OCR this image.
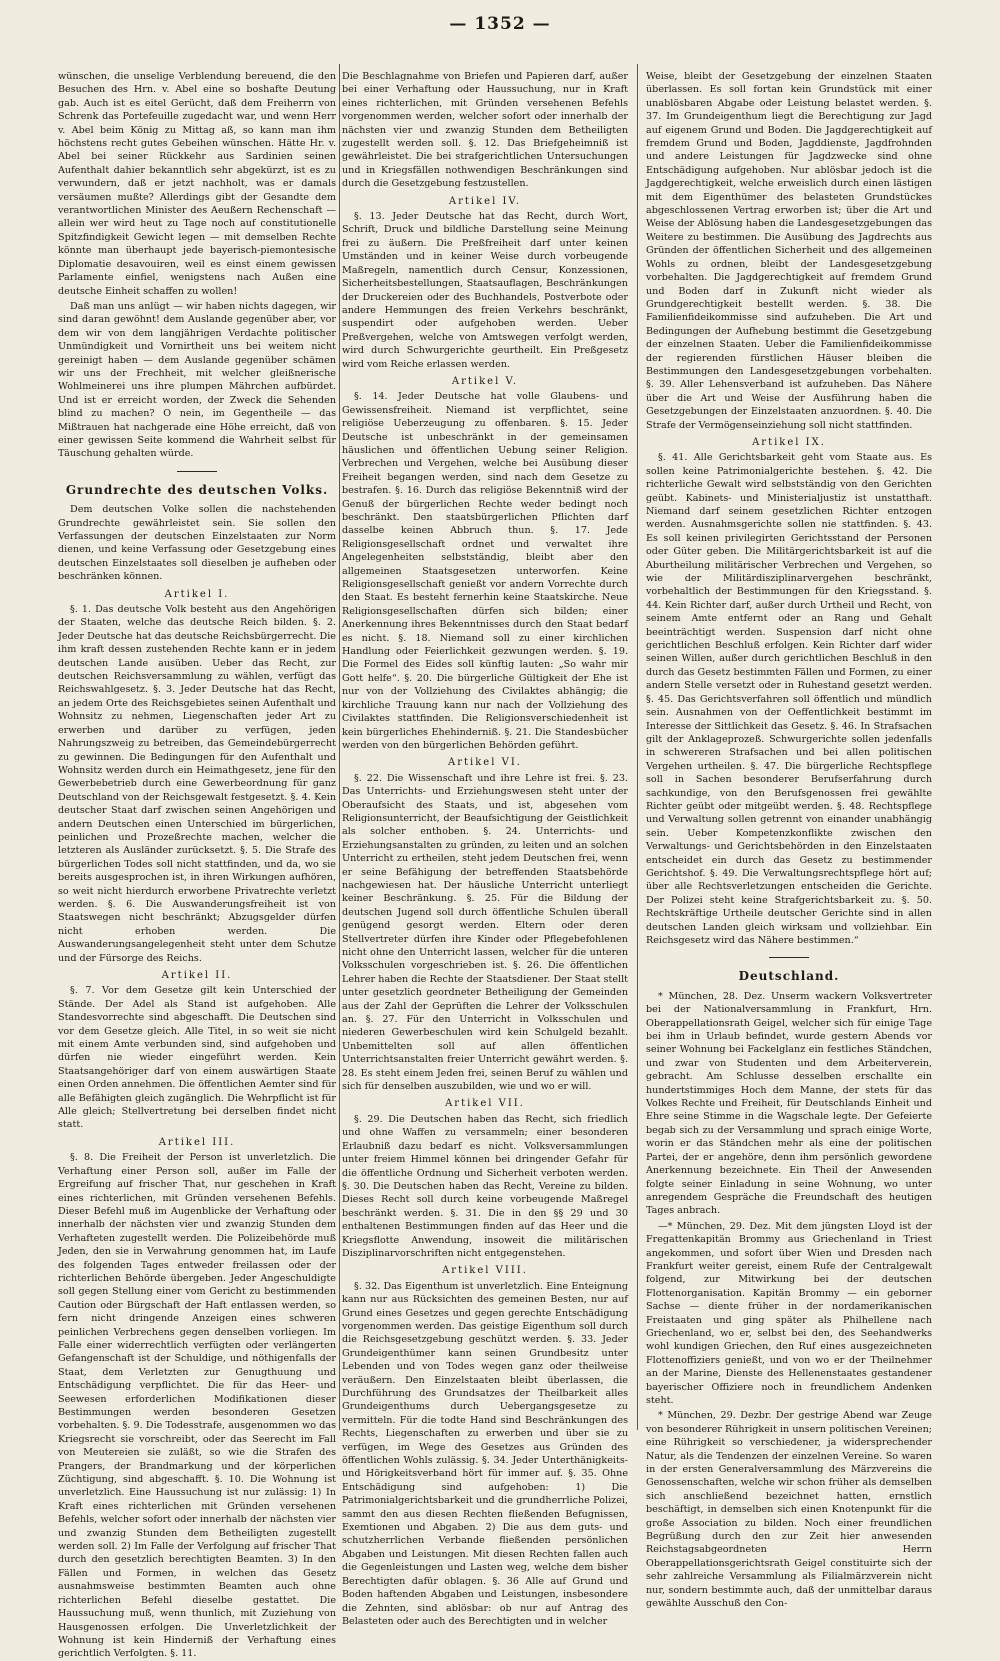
— 1352 —

wünschen, die unselige Verblendung bereuend, die den Besuchen des Hrn. v. Abel eine so boshafte Deutung gab. Auch ist es eitel Gerücht, daß dem Freiherrn von Schrenk das Portefeuille zugedacht war, und wenn Herr v. Abel beim König zu Mittag aß, so kann man ihm höchstens recht gutes Gebeihen wünschen. Hätte Hr. v. Abel bei seiner Rückkehr aus Sardinien seinen Aufenthalt dahier bekanntlich sehr abgekürzt, ist es zu verwundern, daß er jetzt nachholt, was er damals versäumen mußte? Allerdings gibt der Gesandte dem verantwortlichen Minister des Aeußern Rechenschaft — allein wer wird heut zu Tage noch auf constitutionelle Spitzfindigkeit Gewicht legen — mit demselben Rechte könnte man überhaupt jede bayerisch-piemontesische Diplomatie desavouiren, weil es einst einem gewissen Parlamente einfiel, wenigstens nach Außen eine deutsche Einheit schaffen zu wollen!

Daß man uns anlügt — wir haben nichts dagegen, wir sind daran gewöhnt! dem Auslande gegenüber aber, vor dem wir von dem langjährigen Verdachte politischer Unmündigkeit und Vornirtheit uns bei weitem nicht gereinigt haben — dem Auslande gegenüber schämen wir uns der Frechheit, mit welcher gleißnerische Wohlmeinerei uns ihre plumpen Mährchen aufbürdet. Und ist er erreicht worden, der Zweck die Sehenden blind zu machen? O nein, im Gegentheile — das Mißtrauen hat nachgerade eine Höhe erreicht, daß von einer gewissen Seite kommend die Wahrheit selbst für Täuschung gehalten würde.

Grundrechte des deutschen Volks.

Dem deutschen Volke sollen die nachstehenden Grundrechte gewährleistet sein. Sie sollen den Verfassungen der deutschen Einzelstaaten zur Norm dienen, und keine Verfassung oder Gesetzgebung eines deutschen Einzelstaates soll dieselben je aufheben oder beschränken können.

Artikel I.

§. 1. Das deutsche Volk besteht aus den Angehörigen der Staaten, welche das deutsche Reich bilden. §. 2. Jeder Deutsche hat das deutsche Reichsbürgerrecht. Die ihm kraft dessen zustehenden Rechte kann er in jedem deutschen Lande ausüben. Ueber das Recht, zur deutschen Reichsversammlung zu wählen, verfügt das Reichswahlgesetz. §. 3. Jeder Deutsche hat das Recht, an jedem Orte des Reichsgebietes seinen Aufenthalt und Wohnsitz zu nehmen, Liegenschaften jeder Art zu erwerben und darüber zu verfügen, jeden Nahrungszweig zu betreiben, das Gemeindebürgerrecht zu gewinnen. Die Bedingungen für den Aufenthalt und Wohnsitz werden durch ein Heimathgesetz, jene für den Gewerbebetrieb durch eine Gewerbeordnung für ganz Deutschland von der Reichsgewalt festgesetzt. §. 4. Kein deutscher Staat darf zwischen seinen Angehörigen und andern Deutschen einen Unterschied im bürgerlichen, peinlichen und Prozeßrechte machen, welcher die letzteren als Ausländer zurücksetzt. §. 5. Die Strafe des bürgerlichen Todes soll nicht stattfinden, und da, wo sie bereits ausgesprochen ist, in ihren Wirkungen aufhören, so weit nicht hierdurch erworbene Privatrechte verletzt werden. §. 6. Die Auswanderungsfreiheit ist von Staatswegen nicht beschränkt; Abzugsgelder dürfen nicht erhoben werden. Die Auswanderungsangelegenheit steht unter dem Schutze und der Fürsorge des Reichs.

Artikel II.

§. 7. Vor dem Gesetze gilt kein Unterschied der Stände. Der Adel als Stand ist aufgehoben. Alle Standesvorrechte sind abgeschafft. Die Deutschen sind vor dem Gesetze gleich. Alle Titel, in so weit sie nicht mit einem Amte verbunden sind, sind aufgehoben und dürfen nie wieder eingeführt werden. Kein Staatsangehöriger darf von einem auswärtigen Staate einen Orden annehmen. Die öffentlichen Aemter sind für alle Befähigten gleich zugänglich. Die Wehrpflicht ist für Alle gleich; Stellvertretung bei derselben findet nicht statt.

Artikel III.

§. 8. Die Freiheit der Person ist unverletzlich. Die Verhaftung einer Person soll, außer im Falle der Ergreifung auf frischer That, nur geschehen in Kraft eines richterlichen, mit Gründen versehenen Befehls. Dieser Befehl muß im Augenblicke der Verhaftung oder innerhalb der nächsten vier und zwanzig Stunden dem Verhafteten zugestellt werden. Die Polizeibehörde muß Jeden, den sie in Verwahrung genommen hat, im Laufe des folgenden Tages entweder freilassen oder der richterlichen Behörde übergeben. Jeder Angeschuldigte soll gegen Stellung einer vom Gericht zu bestimmenden Caution oder Bürgschaft der Haft entlassen werden, so fern nicht dringende Anzeigen eines schweren peinlichen Verbrechens gegen denselben vorliegen. Im Falle einer widerrechtlich verfügten oder verlängerten Gefangenschaft ist der Schuldige, und nöthigenfalls der Staat, dem Verletzten zur Genugthuung und Entschädigung verpflichtet. Die für das Heer- und Seewesen erforderlichen Modifikationen dieser Bestimmungen werden besonderen Gesetzen vorbehalten. §. 9. Die Todesstrafe, ausgenommen wo das Kriegsrecht sie vorschreibt, oder das Seerecht im Fall von Meutereien sie zuläßt, so wie die Strafen des Prangers, der Brandmarkung und der körperlichen Züchtigung, sind abgeschafft. §. 10. Die Wohnung ist unverletzlich. Eine Haussuchung ist nur zulässig: 1) In Kraft eines richterlichen mit Gründen versehenen Befehls, welcher sofort oder innerhalb der nächsten vier und zwanzig Stunden dem Betheiligten zugestellt werden soll. 2) Im Falle der Verfolgung auf frischer That durch den gesetzlich berechtigten Beamten. 3) In den Fällen und Formen, in welchen das Gesetz ausnahmsweise bestimmten Beamten auch ohne richterlichen Befehl dieselbe gestattet. Die Haussuchung muß, wenn thunlich, mit Zuziehung von Hausgenossen erfolgen. Die Unverletzlichkeit der Wohnung ist kein Hinderniß der Verhaftung eines gerichtlich Verfolgten. §. 11.

Die Beschlagnahme von Briefen und Papieren darf, außer bei einer Verhaftung oder Haussuchung, nur in Kraft eines richterlichen, mit Gründen versehenen Befehls vorgenommen werden, welcher sofort oder innerhalb der nächsten vier und zwanzig Stunden dem Betheiligten zugestellt werden soll. §. 12. Das Briefgeheimniß ist gewährleistet. Die bei strafgerichtlichen Untersuchungen und in Kriegsfällen nothwendigen Beschränkungen sind durch die Gesetzgebung festzustellen.

Artikel IV.

§. 13. Jeder Deutsche hat das Recht, durch Wort, Schrift, Druck und bildliche Darstellung seine Meinung frei zu äußern. Die Preßfreiheit darf unter keinen Umständen und in keiner Weise durch vorbeugende Maßregeln, namentlich durch Censur, Konzessionen, Sicherheitsbestellungen, Staatsauflagen, Beschränkungen der Druckereien oder des Buchhandels, Postverbote oder andere Hemmungen des freien Verkehrs beschränkt, suspendirt oder aufgehoben werden. Ueber Preßvergehen, welche von Amtswegen verfolgt werden, wird durch Schwurgerichte geurtheilt. Ein Preßgesetz wird vom Reiche erlassen werden.

Artikel V.

§. 14. Jeder Deutsche hat volle Glaubens- und Gewissensfreiheit. Niemand ist verpflichtet, seine religiöse Ueberzeugung zu offenbaren. §. 15. Jeder Deutsche ist unbeschränkt in der gemeinsamen häuslichen und öffentlichen Uebung seiner Religion. Verbrechen und Vergehen, welche bei Ausübung dieser Freiheit begangen werden, sind nach dem Gesetze zu bestrafen. §. 16. Durch das religiöse Bekenntniß wird der Genuß der bürgerlichen Rechte weder bedingt noch beschränkt. Den staatsbürgerlichen Pflichten darf dasselbe keinen Abbruch thun. §. 17. Jede Religionsgesellschaft ordnet und verwaltet ihre Angelegenheiten selbstständig, bleibt aber den allgemeinen Staatsgesetzen unterworfen. Keine Religionsgesellschaft genießt vor andern Vorrechte durch den Staat. Es besteht fernerhin keine Staatskirche. Neue Religionsgesellschaften dürfen sich bilden; einer Anerkennung ihres Bekenntnisses durch den Staat bedarf es nicht. §. 18. Niemand soll zu einer kirchlichen Handlung oder Feierlichkeit gezwungen werden. §. 19. Die Formel des Eides soll künftig lauten: „So wahr mir Gott helfe“. §. 20. Die bürgerliche Gültigkeit der Ehe ist nur von der Vollziehung des Civilaktes abhängig; die kirchliche Trauung kann nur nach der Vollziehung des Civilaktes stattfinden. Die Religionsverschiedenheit ist kein bürgerliches Ehehinderniß. §. 21. Die Standesbücher werden von den bürgerlichen Behörden geführt.

Artikel VI.

§. 22. Die Wissenschaft und ihre Lehre ist frei. §. 23. Das Unterrichts- und Erziehungswesen steht unter der Oberaufsicht des Staats, und ist, abgesehen vom Religionsunterricht, der Beaufsichtigung der Geistlichkeit als solcher enthoben. §. 24. Unterrichts- und Erziehungsanstalten zu gründen, zu leiten und an solchen Unterricht zu ertheilen, steht jedem Deutschen frei, wenn er seine Befähigung der betreffenden Staatsbehörde nachgewiesen hat. Der häusliche Unterricht unterliegt keiner Beschränkung. §. 25. Für die Bildung der deutschen Jugend soll durch öffentliche Schulen überall genügend gesorgt werden. Eltern oder deren Stellvertreter dürfen ihre Kinder oder Pflegebefohlenen nicht ohne den Unterricht lassen, welcher für die unteren Volksschulen vorgeschrieben ist. §. 26. Die öffentlichen Lehrer haben die Rechte der Staatsdiener. Der Staat stellt unter gesetzlich geordneter Betheiligung der Gemeinden aus der Zahl der Geprüften die Lehrer der Volksschulen an. §. 27. Für den Unterricht in Volksschulen und niederen Gewerbeschulen wird kein Schulgeld bezahlt. Unbemittelten soll auf allen öffentlichen Unterrichtsanstalten freier Unterricht gewährt werden. §. 28. Es steht einem Jeden frei, seinen Beruf zu wählen und sich für denselben auszubilden, wie und wo er will.

Artikel VII.

§. 29. Die Deutschen haben das Recht, sich friedlich und ohne Waffen zu versammeln; einer besonderen Erlaubniß dazu bedarf es nicht. Volksversammlungen unter freiem Himmel können bei dringender Gefahr für die öffentliche Ordnung und Sicherheit verboten werden. §. 30. Die Deutschen haben das Recht, Vereine zu bilden. Dieses Recht soll durch keine vorbeugende Maßregel beschränkt werden. §. 31. Die in den §§ 29 und 30 enthaltenen Bestimmungen finden auf das Heer und die Kriegsflotte Anwendung, insoweit die militärischen Disziplinarvorschriften nicht entgegenstehen.

Artikel VIII.

§. 32. Das Eigenthum ist unverletzlich. Eine Enteignung kann nur aus Rücksichten des gemeinen Besten, nur auf Grund eines Gesetzes und gegen gerechte Entschädigung vorgenommen werden. Das geistige Eigenthum soll durch die Reichsgesetzgebung geschützt werden. §. 33. Jeder Grundeigenthümer kann seinen Grundbesitz unter Lebenden und von Todes wegen ganz oder theilweise veräußern. Den Einzelstaaten bleibt überlassen, die Durchführung des Grundsatzes der Theilbarkeit alles Grundeigenthums durch Uebergangsgesetze zu vermitteln. Für die todte Hand sind Beschränkungen des Rechts, Liegenschaften zu erwerben und über sie zu verfügen, im Wege des Gesetzes aus Gründen des öffentlichen Wohls zulässig. §. 34. Jeder Unterthänigkeits- und Hörigkeitsverband hört für immer auf. §. 35. Ohne Entschädigung sind aufgehoben: 1) Die Patrimonialgerichtsbarkeit und die grundherrliche Polizei, sammt den aus diesen Rechten fließenden Befugnissen, Exemtionen und Abgaben. 2) Die aus dem guts- und schutzherrlichen Verbande fließenden persönlichen Abgaben und Leistungen. Mit diesen Rechten fallen auch die Gegenleistungen und Lasten weg, welche dem bisher Berechtigten dafür oblagen. §. 36 Alle auf Grund und Boden haftenden Abgaben und Leistungen, insbesondere die Zehnten, sind ablösbar: ob nur auf Antrag des Belasteten oder auch des Berechtigten und in welcher

Weise, bleibt der Gesetzgebung der einzelnen Staaten überlassen. Es soll fortan kein Grundstück mit einer unablösbaren Abgabe oder Leistung belastet werden. §. 37. Im Grundeigenthum liegt die Berechtigung zur Jagd auf eigenem Grund und Boden. Die Jagdgerechtigkeit auf fremdem Grund und Boden, Jagddienste, Jagdfrohnden und andere Leistungen für Jagdzwecke sind ohne Entschädigung aufgehoben. Nur ablösbar jedoch ist die Jagdgerechtigkeit, welche erweislich durch einen lästigen mit dem Eigenthümer des belasteten Grundstückes abgeschlossenen Vertrag erworben ist; über die Art und Weise der Ablösung haben die Landesgesetzgebungen das Weitere zu bestimmen. Die Ausübung des Jagdrechts aus Gründen der öffentlichen Sicherheit und des allgemeinen Wohls zu ordnen, bleibt der Landesgesetzgebung vorbehalten. Die Jagdgerechtigkeit auf fremdem Grund und Boden darf in Zukunft nicht wieder als Grundgerechtigkeit bestellt werden. §. 38. Die Familienfideikommisse sind aufzuheben. Die Art und Bedingungen der Aufhebung bestimmt die Gesetzgebung der einzelnen Staaten. Ueber die Familienfideikommisse der regierenden fürstlichen Häuser bleiben die Bestimmungen den Landesgesetzgebungen vorbehalten. §. 39. Aller Lehensverband ist aufzuheben. Das Nähere über die Art und Weise der Ausführung haben die Gesetzgebungen der Einzelstaaten anzuordnen. §. 40. Die Strafe der Vermögenseinziehung soll nicht stattfinden.

Artikel IX.

§. 41. Alle Gerichtsbarkeit geht vom Staate aus. Es sollen keine Patrimonialgerichte bestehen. §. 42. Die richterliche Gewalt wird selbstständig von den Gerichten geübt. Kabinets- und Ministerialjustiz ist unstatthaft. Niemand darf seinem gesetzlichen Richter entzogen werden. Ausnahmsgerichte sollen nie stattfinden. §. 43. Es soll keinen privilegirten Gerichtsstand der Personen oder Güter geben. Die Militärgerichtsbarkeit ist auf die Aburtheilung militärischer Verbrechen und Vergehen, so wie der Militärdisziplinarvergehen beschränkt, vorbehaltlich der Bestimmungen für den Kriegsstand. §. 44. Kein Richter darf, außer durch Urtheil und Recht, von seinem Amte entfernt oder an Rang und Gehalt beeinträchtigt werden. Suspension darf nicht ohne gerichtlichen Beschluß erfolgen. Kein Richter darf wider seinen Willen, außer durch gerichtlichen Beschluß in den durch das Gesetz bestimmten Fällen und Formen, zu einer andern Stelle versetzt oder in Ruhestand gesetzt werden. §. 45. Das Gerichtsverfahren soll öffentlich und mündlich sein. Ausnahmen von der Oeffentlichkeit bestimmt im Interesse der Sittlichkeit das Gesetz. §. 46. In Strafsachen gilt der Anklageprozeß. Schwurgerichte sollen jedenfalls in schwereren Strafsachen und bei allen politischen Vergehen urtheilen. §. 47. Die bürgerliche Rechtspflege soll in Sachen besonderer Berufserfahrung durch sachkundige, von den Berufsgenossen frei gewählte Richter geübt oder mitgeübt werden. §. 48. Rechtspflege und Verwaltung sollen getrennt von einander unabhängig sein. Ueber Kompetenzkonflikte zwischen den Verwaltungs- und Gerichtsbehörden in den Einzelstaaten entscheidet ein durch das Gesetz zu bestimmender Gerichtshof. §. 49. Die Verwaltungsrechtspflege hört auf; über alle Rechtsverletzungen entscheiden die Gerichte. Der Polizei steht keine Strafgerichtsbarkeit zu. §. 50. Rechtskräftige Urtheile deutscher Gerichte sind in allen deutschen Landen gleich wirksam und vollziehbar. Ein Reichsgesetz wird das Nähere bestimmen.“

Deutschland.

* München, 28. Dez. Unserm wackern Volksvertreter bei der Nationalversammlung in Frankfurt, Hrn. Oberappellationsrath Geigel, welcher sich für einige Tage bei ihm in Urlaub befindet, wurde gestern Abends vor seiner Wohnung bei Fackelglanz ein festliches Ständchen, und zwar von Studenten und dem Arbeiterverein, gebracht. Am Schlusse desselben erschallte ein hundertstimmiges Hoch dem Manne, der stets für das Volkes Rechte und Freiheit, für Deutschlands Einheit und Ehre seine Stimme in die Wagschale legte. Der Gefeierte begab sich zu der Versammlung und sprach einige Worte, worin er das Ständchen mehr als eine der politischen Partei, der er angehöre, denn ihm persönlich gewordene Anerkennung bezeichnete. Ein Theil der Anwesenden folgte seiner Einladung in seine Wohnung, wo unter anregendem Gespräche die Freundschaft des heutigen Tages anbrach.

—* München, 29. Dez. Mit dem jüngsten Lloyd ist der Fregattenkapitän Brommy aus Griechenland in Triest angekommen, und sofort über Wien und Dresden nach Frankfurt weiter gereist, einem Rufe der Centralgewalt folgend, zur Mitwirkung bei der deutschen Flottenorganisation. Kapitän Brommy — ein geborner Sachse — diente früher in der nordamerikanischen Freistaaten und ging später als Philhellene nach Griechenland, wo er, selbst bei den, des Seehandwerks wohl kundigen Griechen, den Ruf eines ausgezeichneten Flottenoffiziers genießt, und von wo er der Theilnehmer an der Marine, Dienste des Hellenenstaates gestandener bayerischer Offiziere noch in freundlichem Andenken steht.

* München, 29. Dezbr. Der gestrige Abend war Zeuge von besonderer Rührigkeit in unsern politischen Vereinen; eine Rührigkeit so verschiedener, ja widersprechender Natur, als die Tendenzen der einzelnen Vereine. So waren in der ersten Generalversammlung des Märzvereins die Genossenschaften, welche wir schon früher als demselben sich anschließend bezeichnet hatten, ernstlich beschäftigt, in demselben sich einen Knotenpunkt für die große Association zu bilden. Noch einer freundlichen Begrüßung durch den zur Zeit hier anwesenden Reichstagsabgeordneten Herrn Oberappellationsgerichtsrath Geigel constituirte sich der sehr zahlreiche Versammlung als Filialmärzverein nicht nur, sondern bestimmte auch, daß der unmittelbar daraus gewählte Ausschuß den Con-
